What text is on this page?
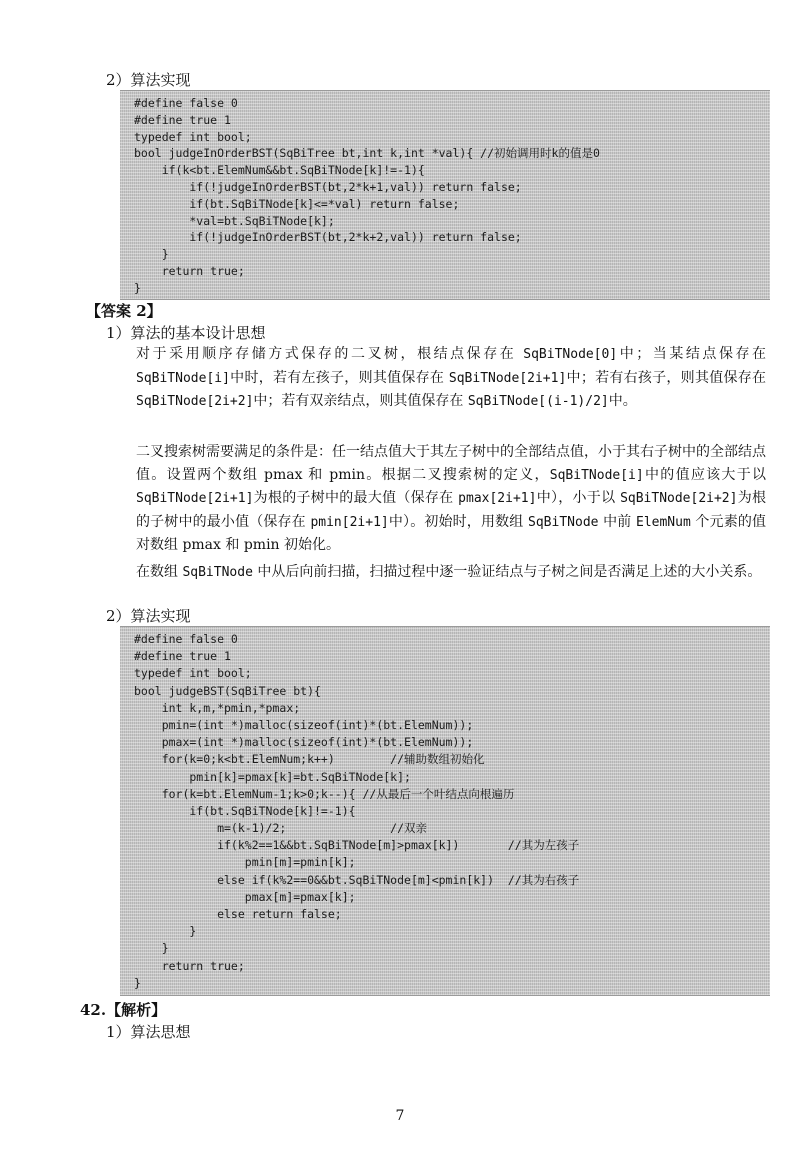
2）算法实现
#define false 0
#define true 1
typedef int bool;
bool judgeInOrderBST(SqBiTree bt,int k,int *val){ //初始调用时k的值是0
if(k<bt.ElemNum&&bt.SqBiTNode[k]!=-1){
if(!judgeInOrderBST(bt,2*k+1,val)) return false;
if(bt.SqBiTNode[k]<=*val) return false;
*val=bt.SqBiTNode[k];
if(!judgeInOrderBST(bt,2*k+2,val)) return false;
}
return true;
}
【答案 2】
1）算法的基本设计思想

对于采用顺序存储方式保存的二叉树，根结点保存在 SqBiTNode[0]中；当某结点保存在 SqBiTNode[i]中时，若有左孩子，则其值保存在 SqBiTNode[2i+1]中；若有右孩子，则其值保存在 SqBiTNode[2i+2]中；若有双亲结点，则其值保存在 SqBiTNode[(i-1)/2]中。

二叉搜索树需要满足的条件是：任一结点值大于其左子树中的全部结点值，小于其右子树中的全部结点值。设置两个数组 pmax 和 pmin。根据二叉搜索树的定义，SqBiTNode[i]中的值应该大于以 SqBiTNode[2i+1]为根的子树中的最大值（保存在 pmax[2i+1]中），小于以 SqBiTNode[2i+2]为根的子树中的最小值（保存在 pmin[2i+1]中）。初始时，用数组 SqBiTNode 中前 ElemNum 个元素的值对数组 pmax 和 pmin 初始化。

在数组 SqBiTNode 中从后向前扫描，扫描过程中逐一验证结点与子树之间是否满足上述的大小关系。

2）算法实现
#define false 0
#define true 1
typedef int bool;
bool judgeBST(SqBiTree bt){
int k,m,*pmin,*pmax;
pmin=(int *)malloc(sizeof(int)*(bt.ElemNum));
pmax=(int *)malloc(sizeof(int)*(bt.ElemNum));
for(k=0;k<bt.ElemNum;k++)        //辅助数组初始化
pmin[k]=pmax[k]=bt.SqBiTNode[k];
for(k=bt.ElemNum-1;k>0;k--){ //从最后一个叶结点向根遍历
if(bt.SqBiTNode[k]!=-1){
m=(k-1)/2;               //双亲
if(k%2==1&&bt.SqBiTNode[m]>pmax[k])       //其为左孩子
pmin[m]=pmin[k];
else if(k%2==0&&bt.SqBiTNode[m]<pmin[k])  //其为右孩子
pmax[m]=pmax[k];
else return false;
}
}
return true;
}
42.【解析】
1）算法思想
7
